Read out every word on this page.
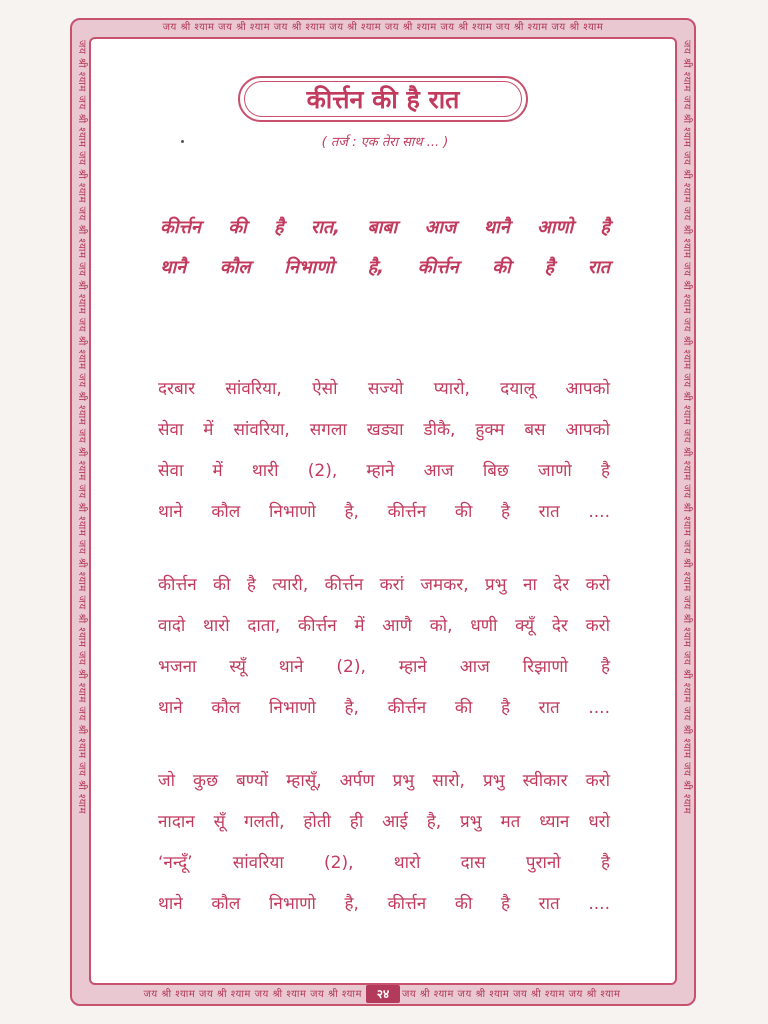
जय श्री श्याम जय श्री श्याम जय श्री श्याम जय श्री श्याम जय श्री श्याम जय श्री श्याम जय श्री श्याम जय श्री श्याम
जय श्री श्याम जय श्री श्याम जय श्री श्याम जय श्री श्याम	जय श्री श्याम जय श्री श्याम जय श्री श्याम जय श्री श्याम
जय श्री श्याम जय श्री श्याम जय श्री श्याम जय श्री श्याम जय श्री श्याम जय श्री श्याम जय श्री श्याम जय श्री श्याम जय श्री श्याम जय श्री श्याम जय श्री श्याम जय श्री श्याम जय श्री श्याम जय श्री श्याम	जय श्री श्याम जय श्री श्याम जय श्री श्याम जय श्री श्याम जय श्री श्याम जय श्री श्याम जय श्री श्याम जय श्री श्याम जय श्री श्याम जय श्री श्याम जय श्री श्याम जय श्री श्याम जय श्री श्याम जय श्री श्याम
२४
कीर्त्तन की है रात
( तर्ज : एक तेरा साथ ... )
कीर्त्तन की है रात, बाबा आज थानै आणो है
थानै कौल निभाणो है, कीर्त्तन की है रात
दरबार सांवरिया, ऐसो सज्यो प्यारो, दयालू आपको
सेवा में सांवरिया, सगला खड्या डीकै, हुक्म बस आपको
सेवा में थारी (2), म्हाने आज बिछ जाणो है
थाने कौल निभाणो है, कीर्त्तन की है रात ....
कीर्त्तन की है त्यारी, कीर्त्तन करां जमकर, प्रभु ना देर करो
वादो थारो दाता, कीर्त्तन में आणै को, धणी क्यूँ देर करो
भजना स्यूँ थाने (2), म्हाने आज रिझाणो है
थाने कौल निभाणो है, कीर्त्तन की है रात ....
जो कुछ बण्यों म्हासूँ, अर्पण प्रभु सारो, प्रभु स्वीकार करो
नादान सूँ गलती, होती ही आई है, प्रभु मत ध्यान धरो
‘नन्दूँ’ सांवरिया (2), थारो दास पुरानो है
थाने कौल निभाणो है, कीर्त्तन की है रात ....
